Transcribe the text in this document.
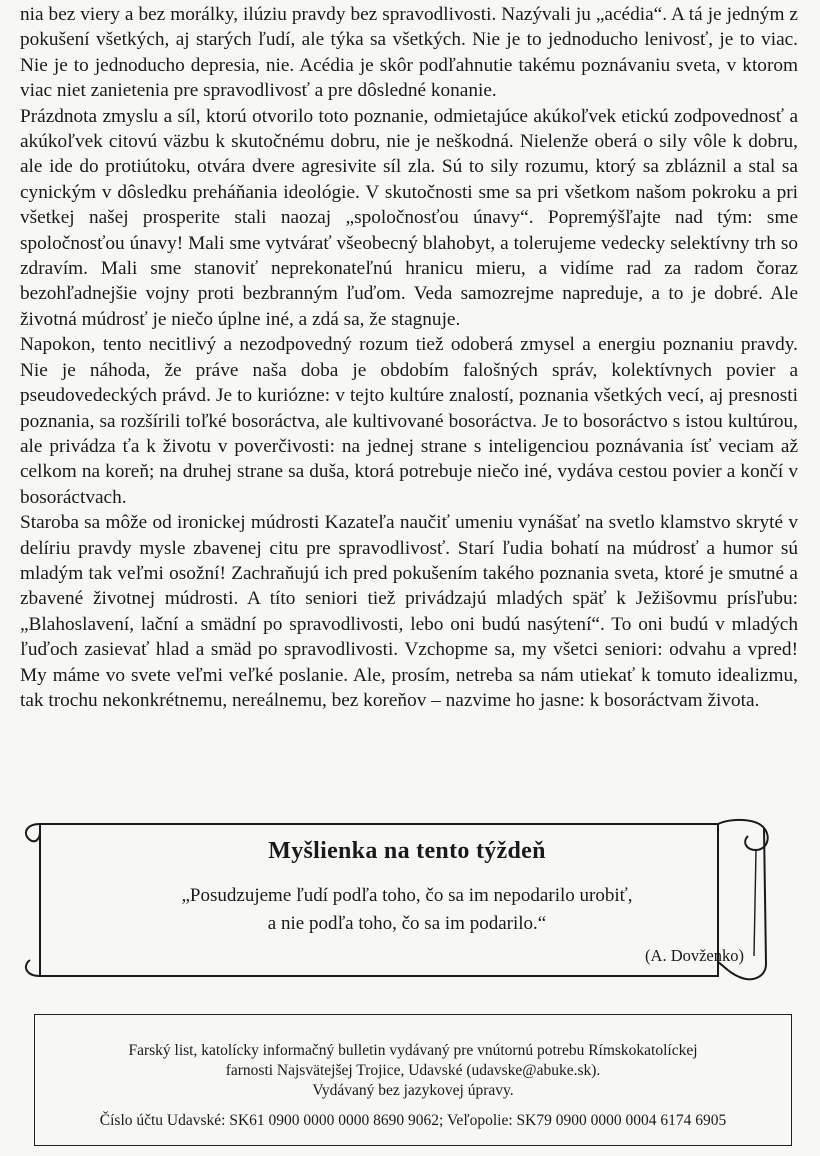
nia bez viery a bez morálky, ilúziu pravdy bez spravodlivosti. Nazývali ju „acédia“. A tá je jedným z pokušení všetkých, aj starých ľudí, ale týka sa všetkých. Nie je to jednoducho lenivosť, je to viac. Nie je to jednoducho depresia, nie. Acédia je skôr podľahnutie takému poznávaniu sveta, v ktorom viac niet zanietenia pre spravodlivosť a pre dôsledné konanie.

Prázdnota zmyslu a síl, ktorú otvorilo toto poznanie, odmietajúce akúkoľvek etickú zodpovednosť a akúkoľvek citovú väzbu k skutočnému dobru, nie je neškodná. Nielenže oberá o sily vôle k dobru, ale ide do protiútoku, otvára dvere agresivite síl zla. Sú to sily rozumu, ktorý sa zbláznil a stal sa cynickým v dôsledku preháňania ideológie. V skutočnosti sme sa pri všetkom našom pokroku a pri všetkej našej prosperite stali naozaj „spoločnosťou únavy“. Popremýšľajte nad tým: sme spoločnosťou únavy! Mali sme vytvárať všeobecný blahobyt, a tolerujeme vedecky selektívny trh so zdravím. Mali sme stanoviť neprekonateľnú hranicu mieru, a vidíme rad za radom čoraz bezohľadnejšie vojny proti bezbranným ľuďom. Veda samozrejme napreduje, a to je dobré. Ale životná múdrosť je niečo úplne iné, a zdá sa, že stagnuje.

Napokon, tento necitlivý a nezodpovedný rozum tiež odoberá zmysel a energiu poznaniu pravdy. Nie je náhoda, že práve naša doba je obdobím falošných správ, kolektívnych povier a pseudovedeckých právd. Je to kuriózne: v tejto kultúre znalostí, poznania všetkých vecí, aj presnosti poznania, sa rozšírili toľké bosoráctva, ale kultivované bosoráctva. Je to bosoráctvo s istou kultúrou, ale privádza ťa k životu v poverčivosti: na jednej strane s inteligenciou poznávania ísť veciam až celkom na koreň; na druhej strane sa duša, ktorá potrebuje niečo iné, vydáva cestou povier a končí v bosoráctvach.

Staroba sa môže od ironickej múdrosti Kazateľa naučiť umeniu vynášať na svetlo klamstvo skryté v delíriu pravdy mysle zbavenej citu pre spravodlivosť. Starí ľudia bohatí na múdrosť a humor sú mladým tak veľmi osožní! Zachraňujú ich pred pokušením takého poznania sveta, ktoré je smutné a zbavené životnej múdrosti. A títo seniori tiež privádzajú mladých späť k Ježišovmu prísľubu: „Blahoslavení, lační a smädní po spravodlivosti, lebo oni budú nasýtení“. To oni budú v mladých ľuďoch zasievať hlad a smäd po spravodlivosti. Vzchopme sa, my všetci seniori: odvahu a vpred! My máme vo svete veľmi veľké poslanie. Ale, prosím, netreba sa nám utiekať k tomuto idealizmu, tak trochu nekonkrétnemu, nereálnemu, bez koreňov – nazvime ho jasne: k bosoráctvam života.

Myšlienka na tento týždeň
„Posudzujeme ľudí podľa toho, čo sa im nepodarilo urobiť,
a nie podľa toho, čo sa im podarilo.“
(A. Dovženko)
Farský list, katolícky informačný bulletin vydávaný pre vnútornú potrebu Rímskokatolíckej
farnosti Najsvätejšej Trojice, Udavské (udavske@abuke.sk).
Vydávaný bez jazykovej úpravy.
Číslo účtu Udavské: SK61 0900 0000 0000 8690 9062; Veľopolie: SK79 0900 0000 0004 6174 6905
